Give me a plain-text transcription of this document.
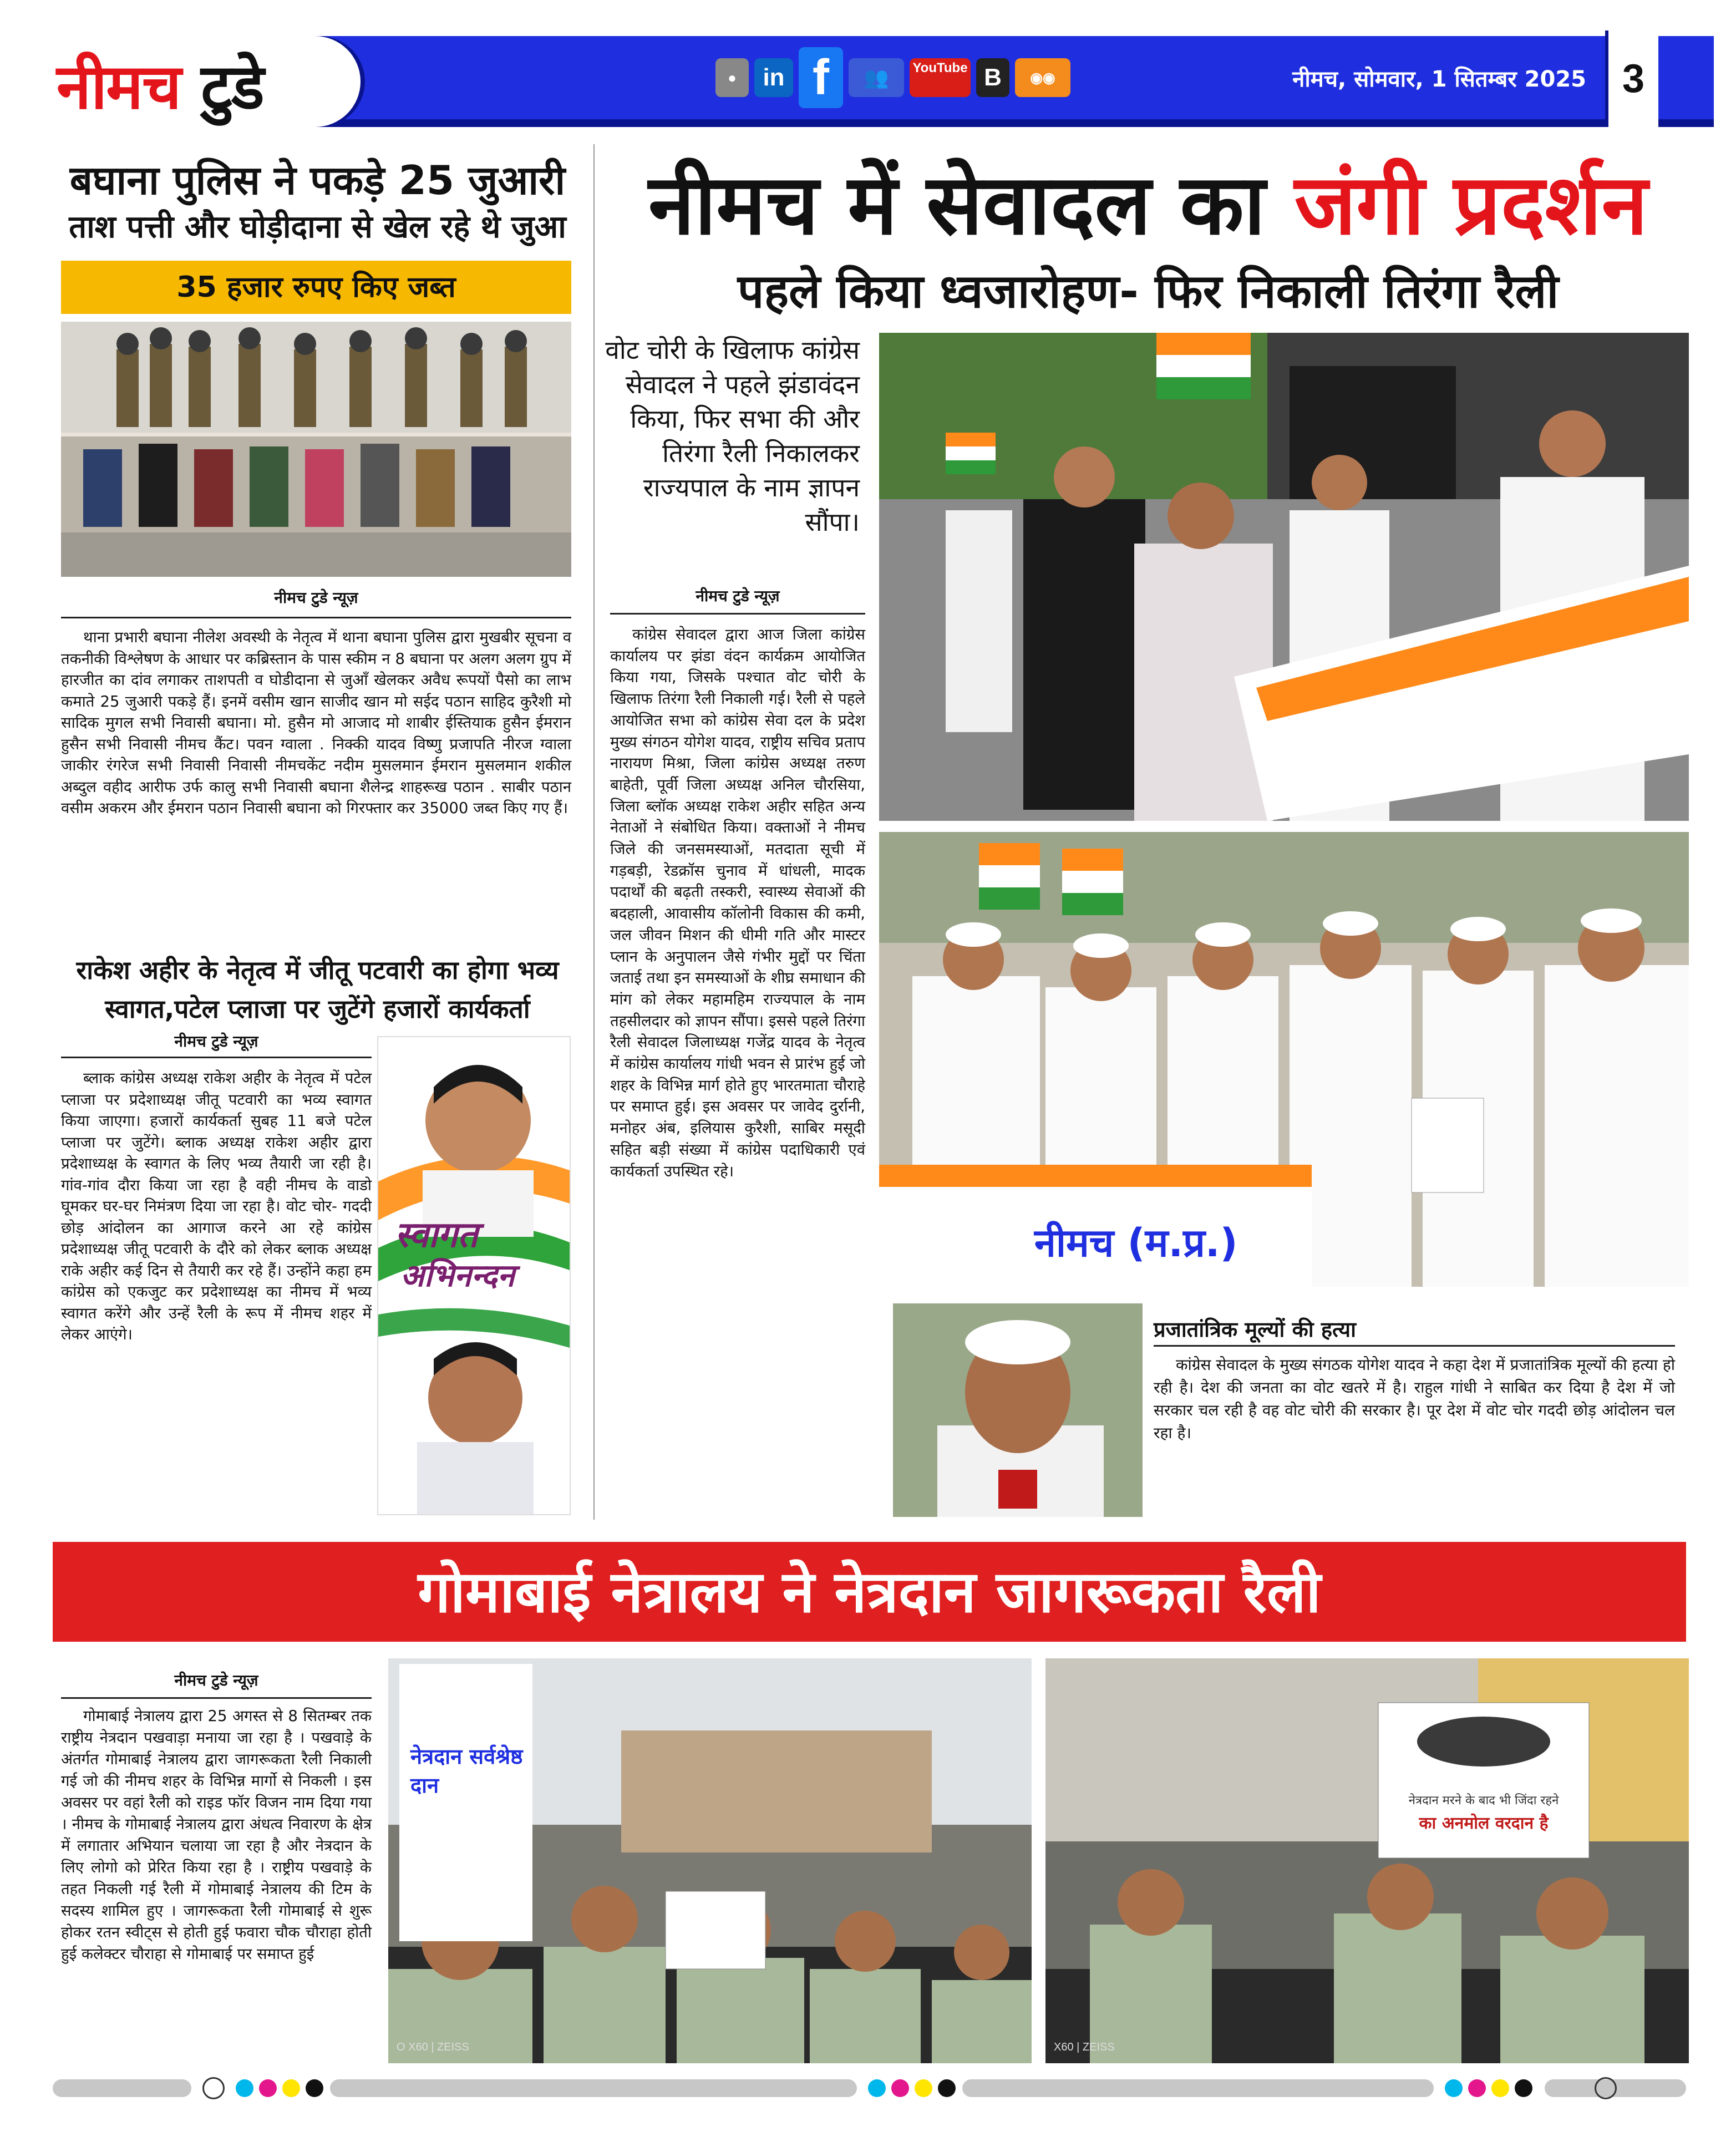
नीमच टुडे	●	in f	👥	YouTube B	◉◉	नीमच, सोमवार, 1 सितम्बर 2025 3
बघाना पुलिस ने पकड़े 25 जुआरी
ताश पत्ती और घोड़ीदाना से खेल रहे थे जुआ
35 हजार रुपए किए जब्त
नीमच टुडे न्यूज़

थाना प्रभारी बघाना नीलेश अवस्थी के नेतृत्व में थाना बघाना पुलिस द्वारा मुखबीर सूचना व तकनीकी विश्लेषण के आधार पर कब्रिस्तान के पास स्कीम न 8 बघाना पर अलग अलग ग्रुप में हारजीत का दांव लगाकर ताशपती व घोडीदाना से जुआँ खेलकर अवैध रूपयों पैसो का लाभ कमाते 25 जुआरी पकड़े हैं। इनमें वसीम खान साजीद खान मो सईद पठान साहिद कुरैशी मो सादिक मुगल सभी निवासी बघाना। मो. हुसैन मो आजाद मो शाबीर ईस्तियाक हुसैन ईमरान हुसैन सभी निवासी नीमच कैंट। पवन ग्वाला . निक्की यादव विष्णु प्रजापति नीरज ग्वाला जाकीर रंगरेज सभी निवासी निवासी नीमचकेंट नदीम मुसलमान ईमरान मुसलमान शकील अब्दुल वहीद आरीफ उर्फ कालु सभी निवासी बघाना शैलेन्द्र शाहरूख पठान . साबीर पठान वसीम अकरम और ईमरान पठान निवासी बघाना को गिरफ्तार कर 35000 जब्त किए गए हैं।

राकेश अहीर के नेतृत्व में जीतू पटवारी का होगा भव्य
स्वागत,पटेल प्लाजा पर जुटेंगे हजारों कार्यकर्ता
नीमच टुडे न्यूज़

ब्लाक कांग्रेस अध्यक्ष राकेश अहीर के नेतृत्व में पटेल प्लाजा पर प्रदेशाध्यक्ष जीतू पटवारी का भव्य स्वागत किया जाएगा। हजारों कार्यकर्ता सुबह 11 बजे पटेल प्लाजा पर जुटेंगे। ब्लाक अध्यक्ष राकेश अहीर द्वारा प्रदेशाध्यक्ष के स्वागत के लिए भव्य तैयारी जा रही है। गांव-गांव दौरा किया जा रहा है वही नीमच के वाडो घूमकर घर-घर निमंत्रण दिया जा रहा है। वोट चोर- गददी छोड़ आंदोलन का आगाज करने आ रहे कांग्रेस प्रदेशाध्यक्ष जीतू पटवारी के दौरे को लेकर ब्लाक अध्यक्ष राके अहीर कई दिन से तैयारी कर रहे हैं। उन्होंने कहा हम कांग्रेस को एकजुट कर प्रदेशाध्यक्ष का नीमच में भव्य स्वागत करेंगे और उन्हें रैली के रूप में नीमच शहर में लेकर आएंगे।

स्वागत
अभिनन्दन
नीमच में सेवादल का जंगी प्रदर्शन
पहले किया ध्वजारोहण- फिर निकाली तिरंगा रैली

वोट चोरी के खिलाफ कांग्रेस सेवादल ने पहले झंडावंदन किया, फिर सभा की और तिरंगा रैली निकालकर राज्यपाल के नाम ज्ञापन सौंपा।

नीमच टुडे न्यूज़

कांग्रेस सेवादल द्वारा आज जिला कांग्रेस कार्यालय पर झंडा वंदन कार्यक्रम आयोजित किया गया, जिसके पश्चात वोट चोरी के खिलाफ तिरंगा रैली निकाली गई। रैली से पहले आयोजित सभा को कांग्रेस सेवा दल के प्रदेश मुख्य संगठन योगेश यादव, राष्ट्रीय सचिव प्रताप नारायण मिश्रा, जिला कांग्रेस अध्यक्ष तरुण बाहेती, पूर्वी जिला अध्यक्ष अनिल चौरसिया, जिला ब्लॉक अध्यक्ष राकेश अहीर सहित अन्य नेताओं ने संबोधित किया। वक्ताओं ने नीमच जिले की जनसमस्याओं, मतदाता सूची में गड़बड़ी, रेडक्रॉस चुनाव में धांधली, मादक पदार्थों की बढ़ती तस्करी, स्वास्थ्य सेवाओं की बदहाली, आवासीय कॉलोनी विकास की कमी, जल जीवन मिशन की धीमी गति और मास्टर प्लान के अनुपालन जैसे गंभीर मुद्दों पर चिंता जताई तथा इन समस्याओं के शीघ्र समाधान की मांग को लेकर महामहिम राज्यपाल के नाम तहसीलदार को ज्ञापन सौंपा। इससे पहले तिरंगा रैली सेवादल जिलाध्यक्ष गजेंद्र यादव के नेतृत्व में कांग्रेस कार्यालय गांधी भवन से प्रारंभ हुई जो शहर के विभिन्न मार्ग होते हुए भारतमाता चौराहे पर समाप्त हुई। इस अवसर पर जावेद दुर्रानी, मनोहर अंब, इलियास कुरैशी, साबिर मसूदी सहित बड़ी संख्या में कांग्रेस पदाधिकारी एवं कार्यकर्ता उपस्थित रहे।

नीमच (म.प्र.)
प्रजातांत्रिक मूल्यों की हत्या

कांग्रेस सेवादल के मुख्य संगठक योगेश यादव ने कहा देश में प्रजातांत्रिक मूल्यों की हत्या हो रही है। देश की जनता का वोट खतरे में है। राहुल गांधी ने साबित कर दिया है देश में जो सरकार चल रही है वह वोट चोरी की सरकार है। पूर दे‍श में वोट चोर गददी छोड़ आंदोलन चल रहा है।

गोमाबाई नेत्रालय ने नेत्रदान जागरूकता रैली
नीमच टुडे न्यूज़

गोमाबाई नेत्रालय द्वारा 25 अगस्त से 8 सितम्बर तक राष्ट्रीय नेत्रदान पखवाड़ा मनाया जा रहा है । पखवाड़े के अंतर्गत गोमाबाई नेत्रालय द्वारा जागरूकता रैली निकाली गई जो की नीमच शहर के विभिन्न मार्गो से निकली । इस अवसर पर वहां रैली को राइड फॉर विजन नाम दिया गया । नीमच के गोमाबाई नेत्रालय द्वारा अंधत्व निवारण के क्षेत्र में लगातार अभियान चलाया जा रहा है और नेत्रदान के लिए लोगो को प्रेरित किया रहा है । राष्ट्रीय पखवाड़े के तहत निकली गई रैली में गोमाबाई नेत्रालय की टिम के सदस्य शामिल हुए । जागरूकता रैली गोमाबाई से शुरू होकर रतन स्वीट्स से होती हुई फवारा चौक चौराहा होती हुई कलेक्टर चौराहा से गोमाबाई पर समाप्त हुई

नेत्रदान सर्वश्रेष्ठ दान
O X60 | ZEISS
नेत्रदान मरने के बाद भी जिंदा रहने
का अनमोल वरदान है
X60 | ZEISS
